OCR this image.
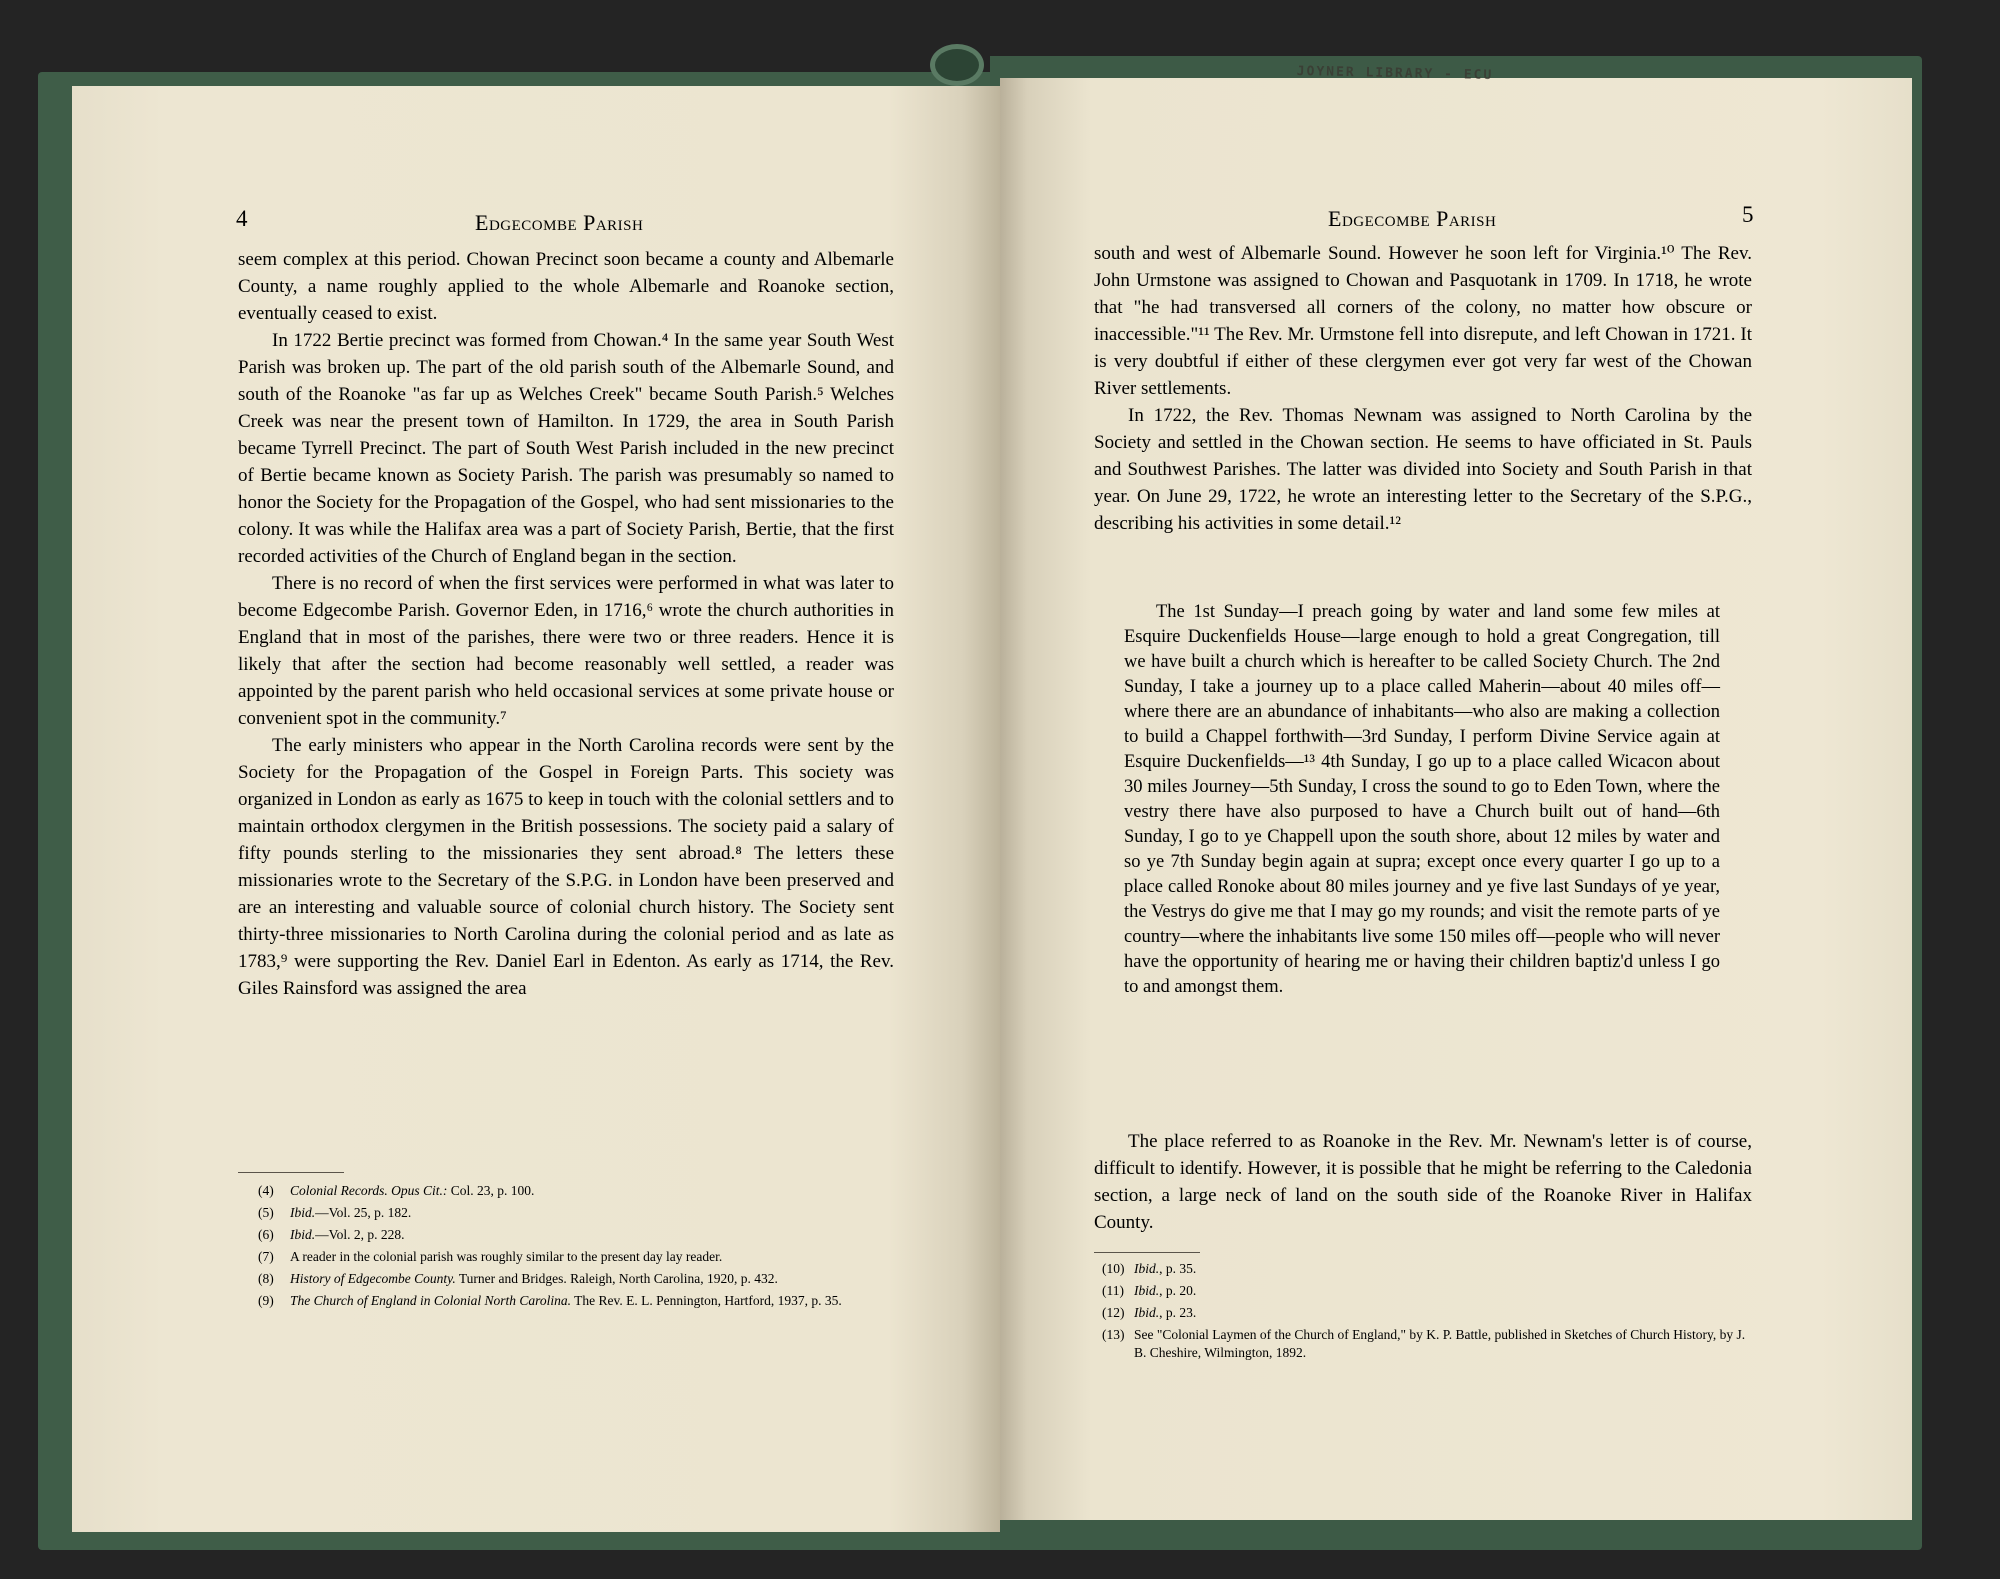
4	Edgecombe Parish

seem complex at this period. Chowan Precinct soon became a county and Albemarle County, a name roughly applied to the whole Albemarle and Roanoke section, eventually ceased to exist.

In 1722 Bertie precinct was formed from Chowan.⁴ In the same year South West Parish was broken up. The part of the old parish south of the Albemarle Sound, and south of the Roanoke "as far up as Welches Creek" became South Parish.⁵ Welches Creek was near the present town of Hamilton. In 1729, the area in South Parish became Tyrrell Precinct. The part of South West Parish included in the new precinct of Bertie became known as Society Parish. The parish was presumably so named to honor the Society for the Propagation of the Gospel, who had sent missionaries to the colony. It was while the Halifax area was a part of Society Parish, Bertie, that the first recorded activities of the Church of England began in the section.

There is no record of when the first services were performed in what was later to become Edgecombe Parish. Governor Eden, in 1716,⁶ wrote the church authorities in England that in most of the parishes, there were two or three readers. Hence it is likely that after the section had become reasonably well settled, a reader was appointed by the parent parish who held occasional services at some private house or convenient spot in the community.⁷

The early ministers who appear in the North Carolina records were sent by the Society for the Propagation of the Gospel in Foreign Parts. This society was organized in London as early as 1675 to keep in touch with the colonial settlers and to maintain orthodox clergymen in the British possessions. The society paid a salary of fifty pounds sterling to the missionaries they sent abroad.⁸ The letters these missionaries wrote to the Secretary of the S.P.G. in London have been preserved and are an interesting and valuable source of colonial church history. The Society sent thirty-three missionaries to North Carolina during the colonial period and as late as 1783,⁹ were supporting the Rev. Daniel Earl in Edenton. As early as 1714, the Rev. Giles Rainsford was assigned the area

(4)	Colonial Records. Opus Cit.: Col. 23, p. 100.
(5)	Ibid.—Vol. 25, p. 182.
(6)	Ibid.—Vol. 2, p. 228.
(7)	A reader in the colonial parish was roughly similar to the present day lay reader.
(8)	History of Edgecombe County. Turner and Bridges. Raleigh, North Carolina, 1920, p. 432.
(9)	The Church of England in Colonial North Carolina. The Rev. E. L. Pennington, Hartford, 1937, p. 35.
JOYNER LIBRARY - ECU
Edgecombe Parish	5

south and west of Albemarle Sound. However he soon left for Virginia.¹⁰ The Rev. John Urmstone was assigned to Chowan and Pasquotank in 1709. In 1718, he wrote that "he had transversed all corners of the colony, no matter how obscure or inaccessible."¹¹ The Rev. Mr. Urmstone fell into disrepute, and left Chowan in 1721. It is very doubtful if either of these clergymen ever got very far west of the Chowan River settlements.

In 1722, the Rev. Thomas Newnam was assigned to North Carolina by the Society and settled in the Chowan section. He seems to have officiated in St. Pauls and Southwest Parishes. The latter was divided into Society and South Parish in that year. On June 29, 1722, he wrote an interesting letter to the Secretary of the S.P.G., describing his activities in some detail.¹²

The 1st Sunday—I preach going by water and land some few miles at Esquire Duckenfields House—large enough to hold a great Congregation, till we have built a church which is hereafter to be called Society Church. The 2nd Sunday, I take a journey up to a place called Maherin—about 40 miles off—where there are an abundance of inhabitants—who also are making a collection to build a Chappel forthwith—3rd Sunday, I perform Divine Service again at Esquire Duckenfields—¹³ 4th Sunday, I go up to a place called Wicacon about 30 miles Journey—5th Sunday, I cross the sound to go to Eden Town, where the vestry there have also purposed to have a Church built out of hand—6th Sunday, I go to ye Chappell upon the south shore, about 12 miles by water and so ye 7th Sunday begin again at supra; except once every quarter I go up to a place called Ronoke about 80 miles journey and ye five last Sundays of ye year, the Vestrys do give me that I may go my rounds; and visit the remote parts of ye country—where the inhabitants live some 150 miles off—people who will never have the opportunity of hearing me or having their children baptiz'd unless I go to and amongst them.

The place referred to as Roanoke in the Rev. Mr. Newnam's letter is of course, difficult to identify. However, it is possible that he might be referring to the Caledonia section, a large neck of land on the south side of the Roanoke River in Halifax County.

(10) Ibid., p. 35.
(11) Ibid., p. 20.
(12) Ibid., p. 23.
(13) See "Colonial Laymen of the Church of England," by K. P. Battle, published in Sketches of Church History, by J. B. Cheshire, Wilmington, 1892.
